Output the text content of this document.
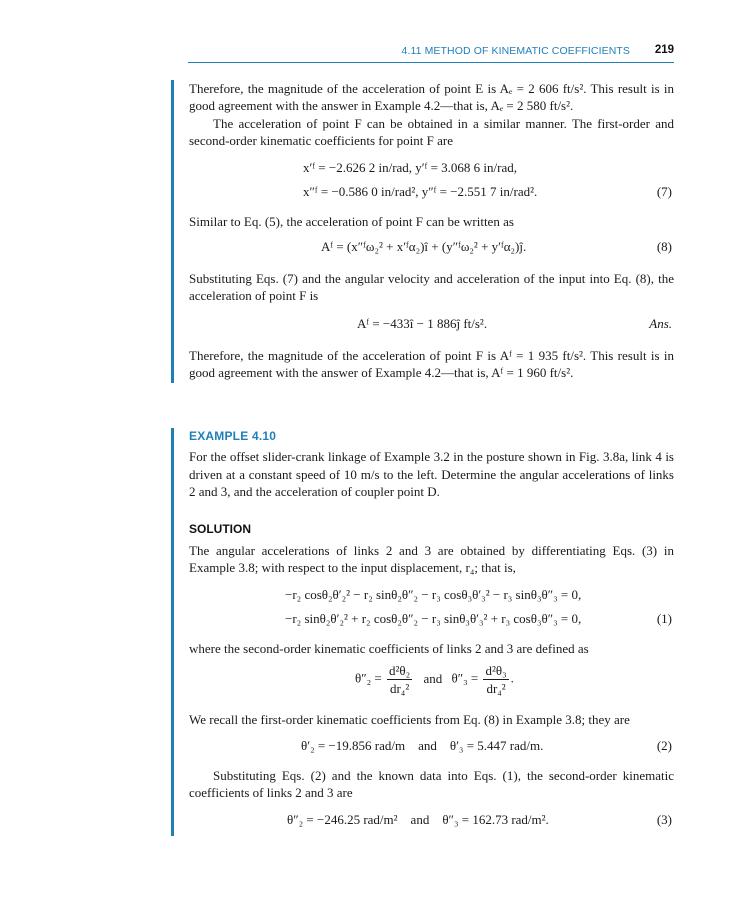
4.11 METHOD OF KINEMATIC COEFFICIENTS 219

Therefore, the magnitude of the acceleration of point E is Aₑ = 2 606 ft/s². This result is in good agreement with the answer in Example 4.2—that is, Aₑ = 2 580 ft/s².

The acceleration of point F can be obtained in a similar manner. The first-order and second-order kinematic coefficients for point F are

x′ᶠ = −2.626 2 in/rad, y′ᶠ = 3.068 6 in/rad,
x″ᶠ = −0.586 0 in/rad², y″ᶠ = −2.551 7 in/rad².	(7)

Similar to Eq. (5), the acceleration of point F can be written as

Aᶠ = (x″ᶠω₂² + x′ᶠα₂)î + (y″ᶠω₂² + y′ᶠα₂)ĵ.	(8)

Substituting Eqs. (7) and the angular velocity and acceleration of the input into Eq. (8), the acceleration of point F is

Aᶠ = −433î − 1 886ĵ ft/s².	Ans.

Therefore, the magnitude of the acceleration of point F is Aᶠ = 1 935 ft/s². This result is in good agreement with the answer of Example 4.2—that is, Aᶠ = 1 960 ft/s².

EXAMPLE 4.10

For the offset slider-crank linkage of Example 3.2 in the posture shown in Fig. 3.8a, link 4 is driven at a constant speed of 10 m/s to the left. Determine the angular accelerations of links 2 and 3, and the acceleration of coupler point D.

SOLUTION

The angular accelerations of links 2 and 3 are obtained by differentiating Eqs. (3) in Example 3.8; with respect to the input displacement, r₄; that is,

−r₂ cosθ₂θ′₂² − r₂ sinθ₂θ″₂ − r₃ cosθ₃θ′₃² − r₃ sinθ₃θ″₃ = 0,
−r₂ sinθ₂θ′₂² + r₂ cosθ₂θ″₂ − r₃ sinθ₃θ′₃² + r₃ cosθ₃θ″₃ = 0,	(1)

where the second-order kinematic coefficients of links 2 and 3 are defined as

$\theta''_2 = \frac{\text{d²θ₂}}{\text{dr₄²}}$ and $\theta''_3 = \frac{\text{d²θ₃}}{\text{dr₄²}}$ .

We recall the first-order kinematic coefficients from Eq. (8) in Example 3.8; they are

θ′₂ = −19.856 rad/m    and    θ′₃ = 5.447 rad/m.	(2)

Substituting Eqs. (2) and the known data into Eqs. (1), the second-order kinematic coefficients of links 2 and 3 are

θ″₂ = −246.25 rad/m²    and    θ″₃ = 162.73 rad/m².	(3)
